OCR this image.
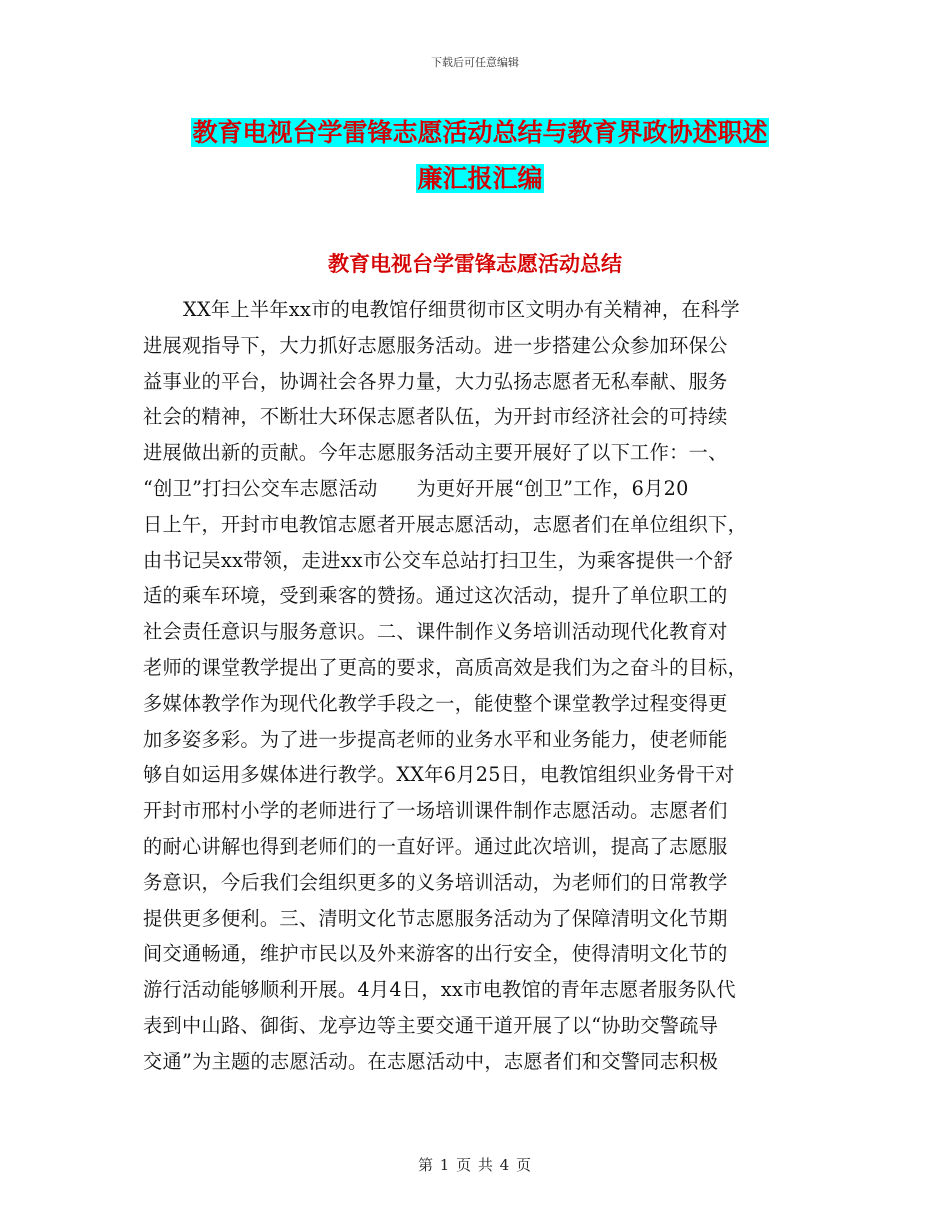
下载后可任意编辑
教育电视台学雷锋志愿活动总结与教育界政协述职述
廉汇报汇编
教育电视台学雷锋志愿活动总结
XX年上半年xx市的电教馆仔细贯彻市区文明办有关精神，在科学
进展观指导下，大力抓好志愿服务活动。进一步搭建公众参加环保公
益事业的平台，协调社会各界力量，大力弘扬志愿者无私奉献、服务
社会的精神，不断壮大环保志愿者队伍，为开封市经济社会的可持续
进展做出新的贡献。今年志愿服务活动主要开展好了以下工作：一、
“创卫”打扫公交车志愿活动　　为更好开展“创卫”工作，6月20
日上午，开封市电教馆志愿者开展志愿活动，志愿者们在单位组织下，
由书记吴xx带领，走进xx市公交车总站打扫卫生，为乘客提供一个舒
适的乘车环境，受到乘客的赞扬。通过这次活动，提升了单位职工的
社会责任意识与服务意识。二、课件制作义务培训活动现代化教育对
老师的课堂教学提出了更高的要求，高质高效是我们为之奋斗的目标，
多媒体教学作为现代化教学手段之一，能使整个课堂教学过程变得更
加多姿多彩。为了进一步提高老师的业务水平和业务能力，使老师能
够自如运用多媒体进行教学。XX年6月25日，电教馆组织业务骨干对
开封市邢村小学的老师进行了一场培训课件制作志愿活动。志愿者们
的耐心讲解也得到老师们的一直好评。通过此次培训，提高了志愿服
务意识，今后我们会组织更多的义务培训活动，为老师们的日常教学
提供更多便利。三、清明文化节志愿服务活动为了保障清明文化节期
间交通畅通，维护市民以及外来游客的出行安全，使得清明文化节的
游行活动能够顺利开展。4月4日，xx市电教馆的青年志愿者服务队代
表到中山路、御街、龙亭边等主要交通干道开展了以“协助交警疏导
交通”为主题的志愿活动。在志愿活动中，志愿者们和交警同志积极
第 1 页 共 4 页
